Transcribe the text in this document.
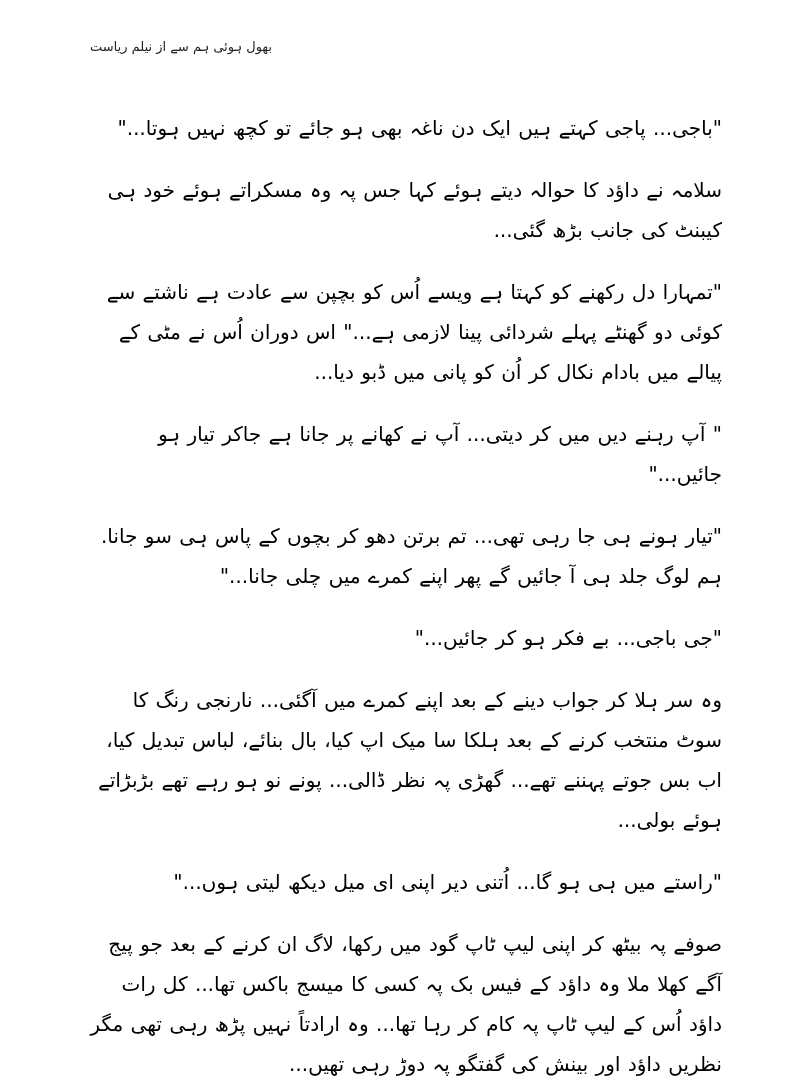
بھول ہوئی ہم سے از نیلم ریاست

"باجی... پاجی کہتے ہیں ایک دن ناغہ بھی ہو جائے تو کچھ نہیں ہوتا..."

سلامہ نے داؤد کا حوالہ دیتے ہوئے کہا جس پہ وہ مسکراتے ہوئے خود ہی کیبنٹ کی جانب بڑھ گئی...

"تمہارا دل رکھنے کو کہتا ہے ویسے اُس کو بچپن سے عادت ہے ناشتے سے کوئی دو گھنٹے پہلے شردائی پینا لازمی ہے..." اس دوران اُس نے مٹی کے پیالے میں بادام نکال کر اُن کو پانی میں ڈبو دیا...

" آپ رہنے دیں میں کر دیتی... آپ نے کھانے پر جانا ہے جاکر تیار ہو جائیں..."

"تیار ہونے ہی جا رہی تھی... تم برتن دھو کر بچوں کے پاس ہی سو جانا. ہم لوگ جلد ہی آ جائیں گے پھر اپنے کمرے میں چلی جانا..."

"جی باجی... بے فکر ہو کر جائیں..."

وہ سر ہلا کر جواب دینے کے بعد اپنے کمرے میں آگئی... نارنجی رنگ کا سوٹ منتخب کرنے کے بعد ہلکا سا میک اپ کیا، بال بنائے، لباس تبدیل کیا، اب بس جوتے پہننے تھے... گھڑی پہ نظر ڈالی... پونے نو ہو رہے تھے بڑبڑاتے ہوئے بولی...

"راستے میں ہی ہو گا... اُتنی دیر اپنی ای میل دیکھ لیتی ہوں..."

صوفے پہ بیٹھ کر اپنی لیپ ٹاپ گود میں رکھا، لاگ ان کرنے کے بعد جو پیج آگے کھلا ملا وہ داؤد کے فیس بک پہ کسی کا میسج باکس تھا... کل رات داؤد اُس کے لیپ ٹاپ پہ کام کر رہا تھا... وہ ارادتاً نہیں پڑھ رہی تھی مگر نظریں داؤد اور بینش کی گفتگو پہ دوڑ رہی تھیں...
